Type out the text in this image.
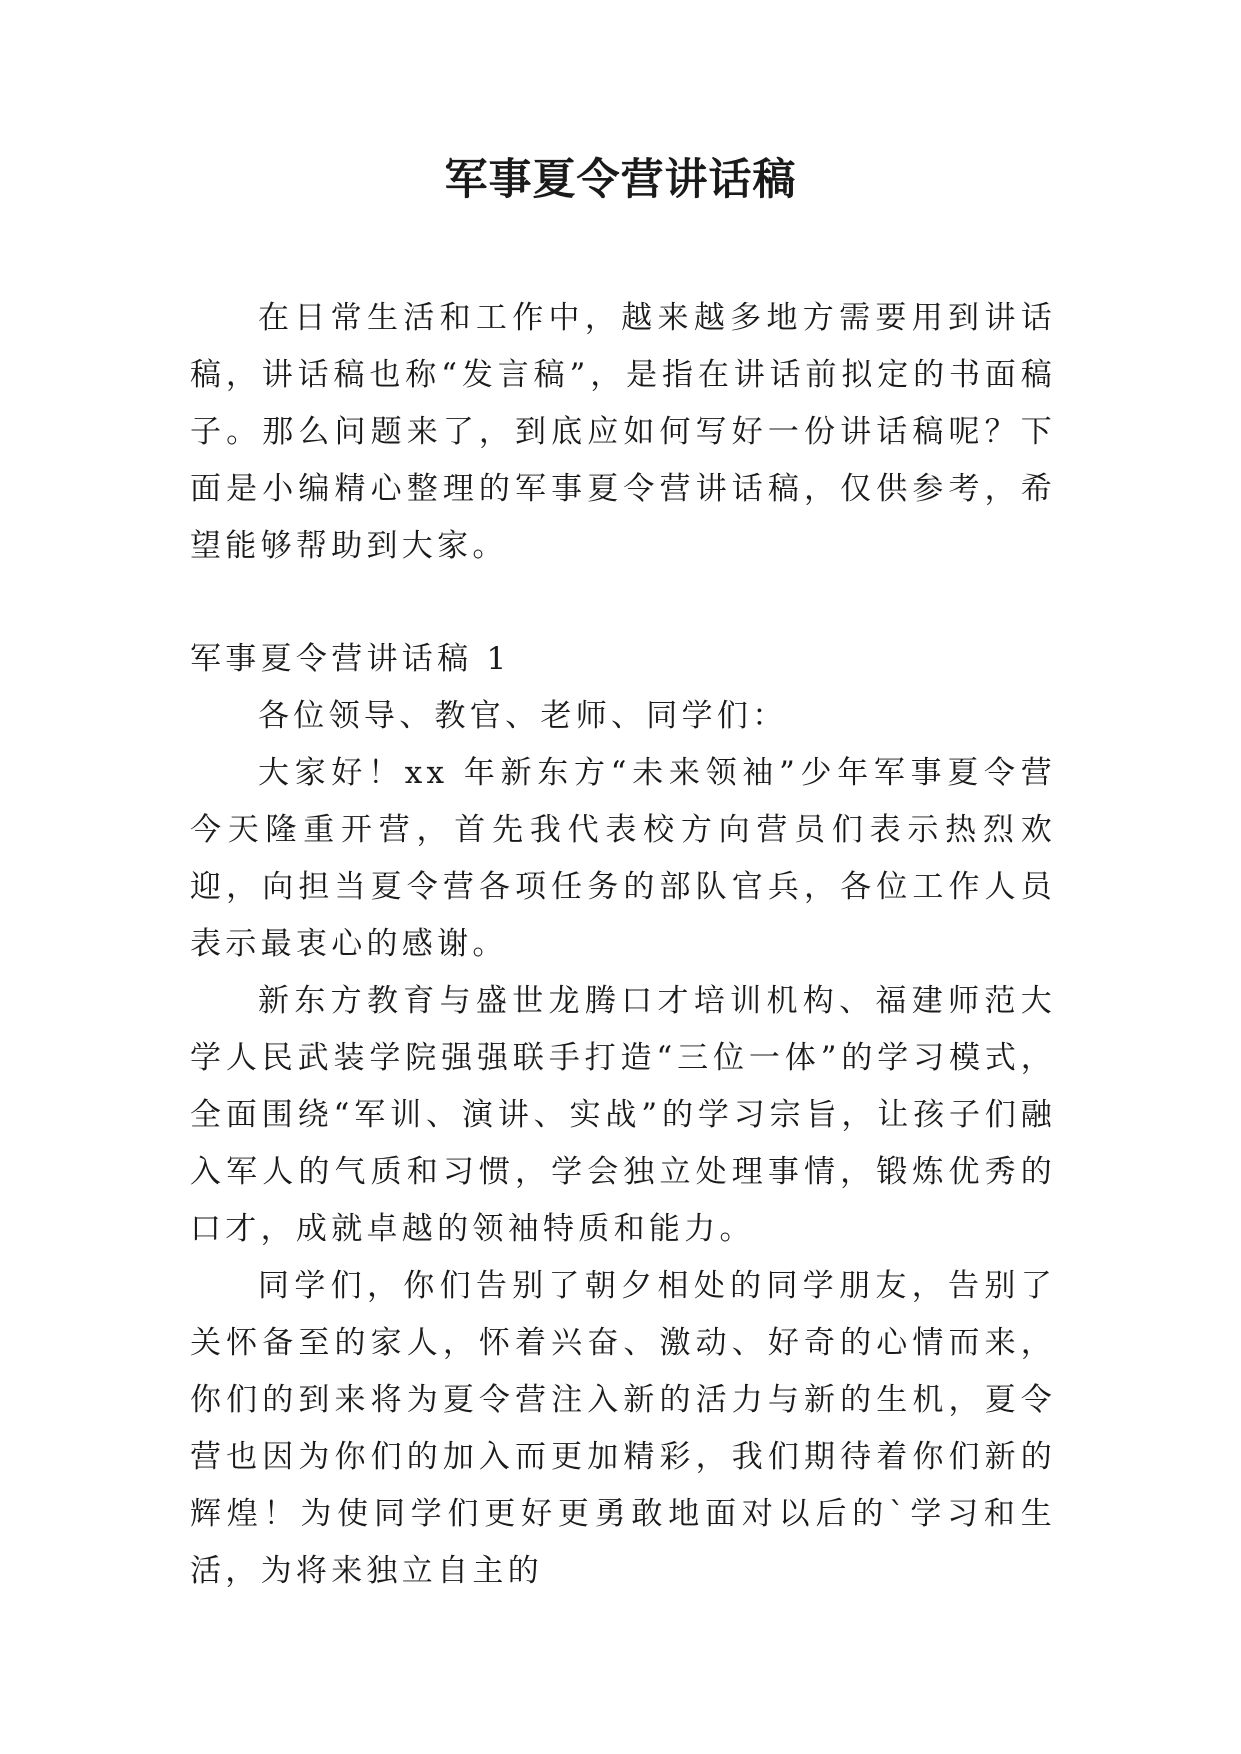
军事夏令营讲话稿

在日常生活和工作中，越来越多地方需要用到讲话稿，讲话稿也称“发言稿”，是指在讲话前拟定的书面稿子。那么问题来了，到底应如何写好一份讲话稿呢？下面是小编精心整理的军事夏令营讲话稿，仅供参考，希望能够帮助到大家。

军事夏令营讲话稿 1

各位领导、教官、老师、同学们：

大家好！xx 年新东方“未来领袖”少年军事夏令营今天隆重开营，首先我代表校方向营员们表示热烈欢迎，向担当夏令营各项任务的部队官兵，各位工作人员表示最衷心的感谢。

新东方教育与盛世龙腾口才培训机构、福建师范大学人民武装学院强强联手打造“三位一体”的学习模式，全面围绕“军训、演讲、实战”的学习宗旨，让孩子们融入军人的气质和习惯，学会独立处理事情，锻炼优秀的口才，成就卓越的领袖特质和能力。

同学们，你们告别了朝夕相处的同学朋友，告别了关怀备至的家人，怀着兴奋、激动、好奇的心情而来，你们的到来将为夏令营注入新的活力与新的生机，夏令营也因为你们的加入而更加精彩，我们期待着你们新的辉煌！为使同学们更好更勇敢地面对以后的`学习和生活，为将来独立自主的
